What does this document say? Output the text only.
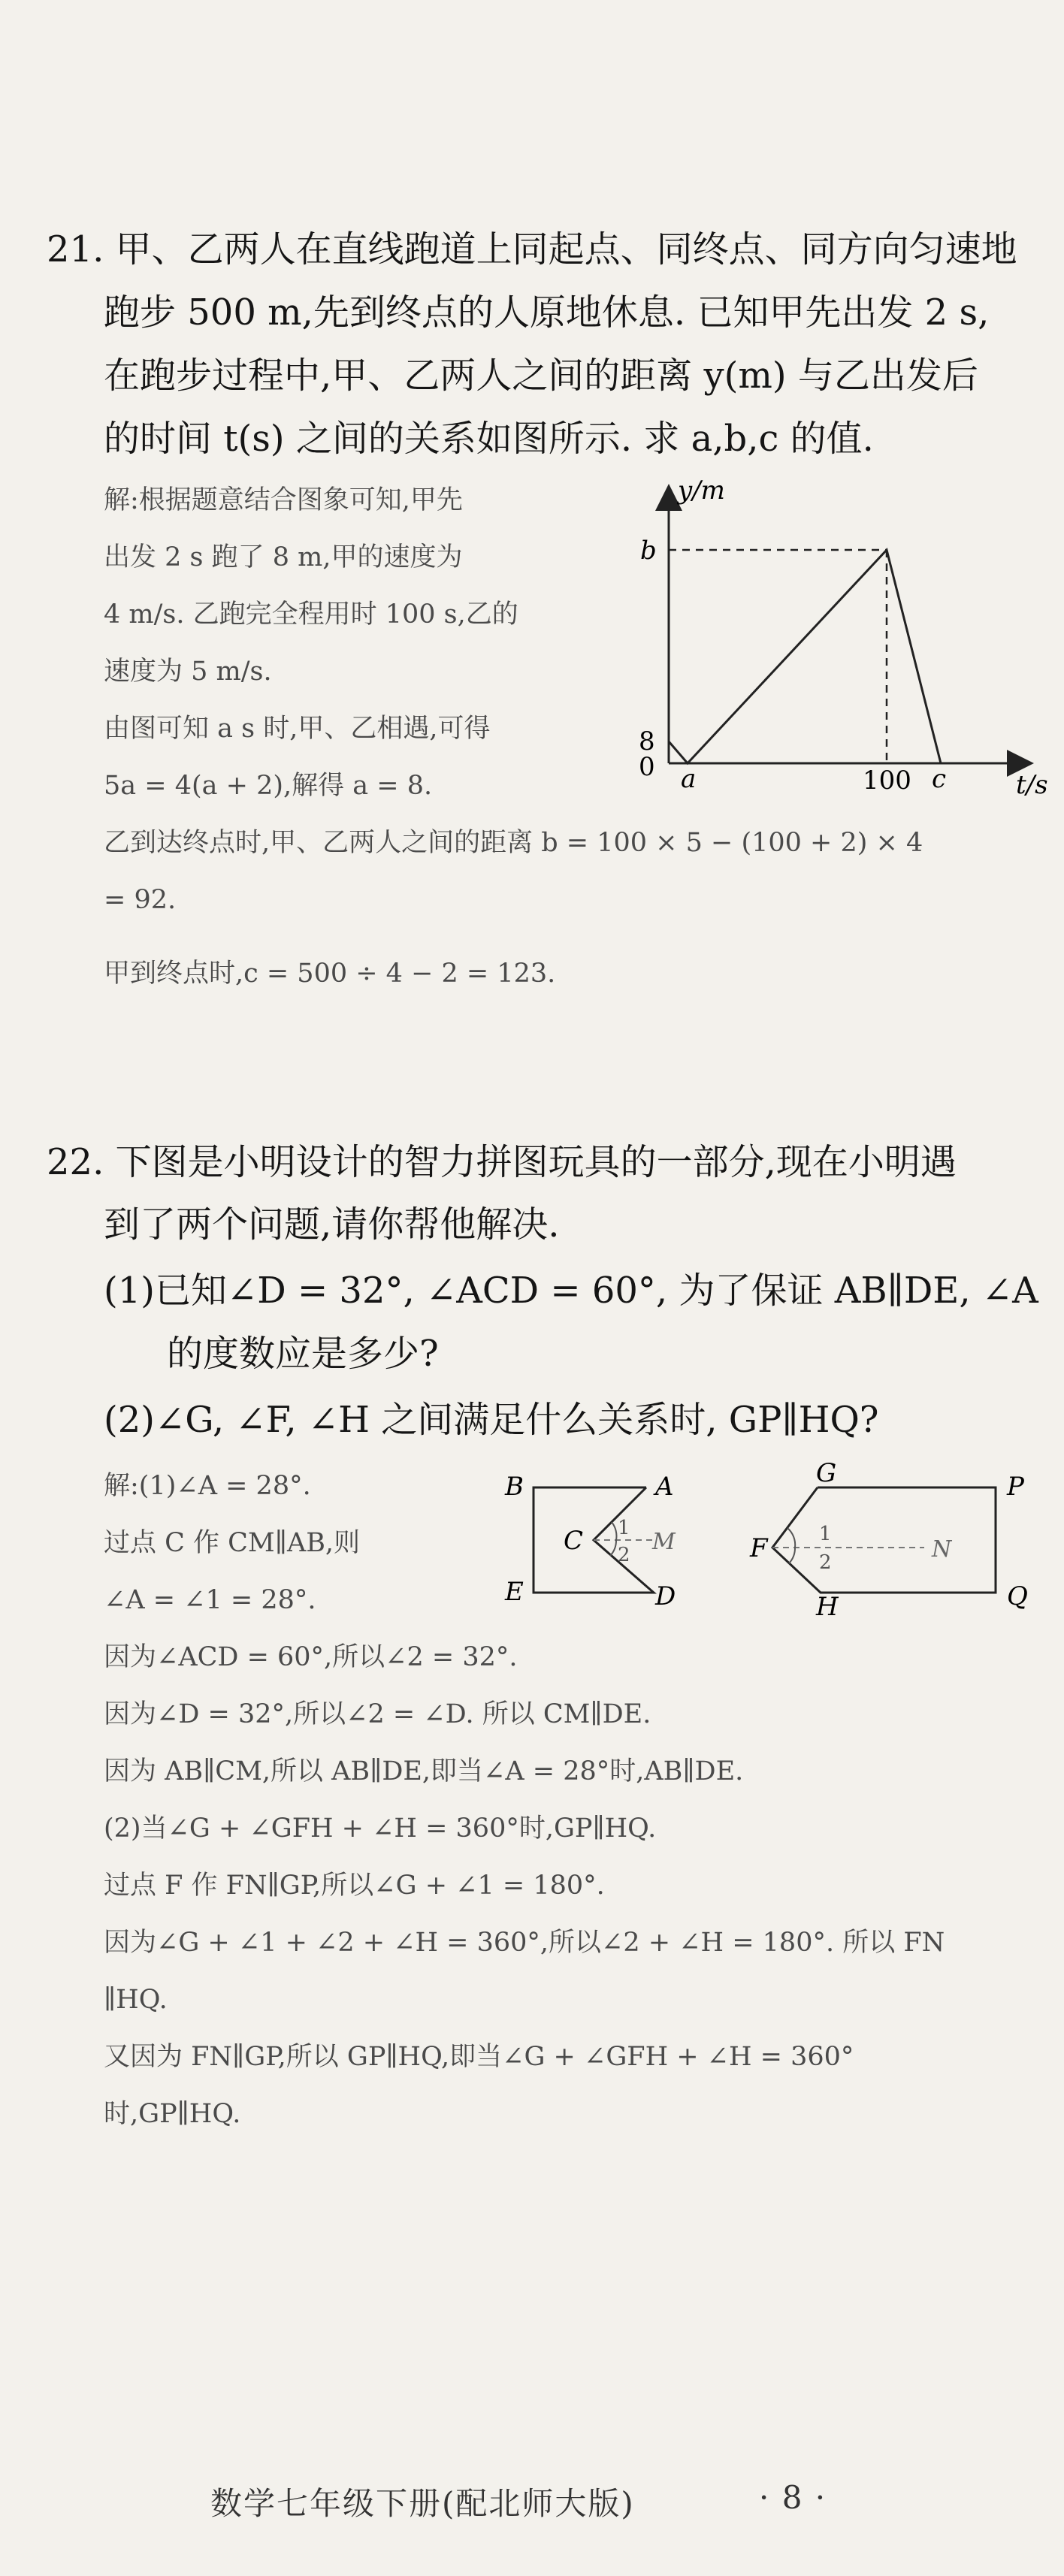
21. 甲、乙两人在直线跑道上同起点、同终点、同方向匀速地
跑步 500 m,先到终点的人原地休息. 已知甲先出发 2 s,
在跑步过程中,甲、乙两人之间的距离 y(m) 与乙出发后
的时间 t(s) 之间的关系如图所示. 求 a,b,c 的值.
解:根据题意结合图象可知,甲先
出发 2 s 跑了 8 m,甲的速度为
4 m/s. 乙跑完全程用时 100 s,乙的
速度为 5 m/s.
由图可知 a s 时,甲、乙相遇,可得
5a = 4(a + 2),解得 a = 8.
乙到达终点时,甲、乙两人之间的距离 b = 100 × 5 − (100 + 2) × 4
= 92.
甲到终点时,c = 500 ÷ 4 − 2 = 123.
y/m
t/s
b
8
0 a	100 c
22. 下图是小明设计的智力拼图玩具的一部分,现在小明遇
到了两个问题,请你帮他解决.
(1)已知∠D = 32°, ∠ACD = 60°, 为了保证 AB∥DE, ∠A
的度数应是多少?
(2)∠G, ∠F, ∠H 之间满足什么关系时, GP∥HQ?
解:(1)∠A = 28°.
过点 C 作 CM∥AB,则
∠A = ∠1 = 28°.
因为∠ACD = 60°,所以∠2 = 32°.
因为∠D = 32°,所以∠2 = ∠D. 所以 CM∥DE.
因为 AB∥CM,所以 AB∥DE,即当∠A = 28°时,AB∥DE.
(2)当∠G + ∠GFH + ∠H = 360°时,GP∥HQ.
过点 F 作 FN∥GP,所以∠G + ∠1 = 180°.
因为∠G + ∠1 + ∠2 + ∠H = 360°,所以∠2 + ∠H = 180°. 所以 FN
∥HQ.
又因为 FN∥GP,所以 GP∥HQ,即当∠G + ∠GFH + ∠H = 360°
时,GP∥HQ.
B	A
C	M
E	D
1
2
G	P
F	N
H	Q
1
2
数学七年级下册(配北师大版)	· 8 ·
